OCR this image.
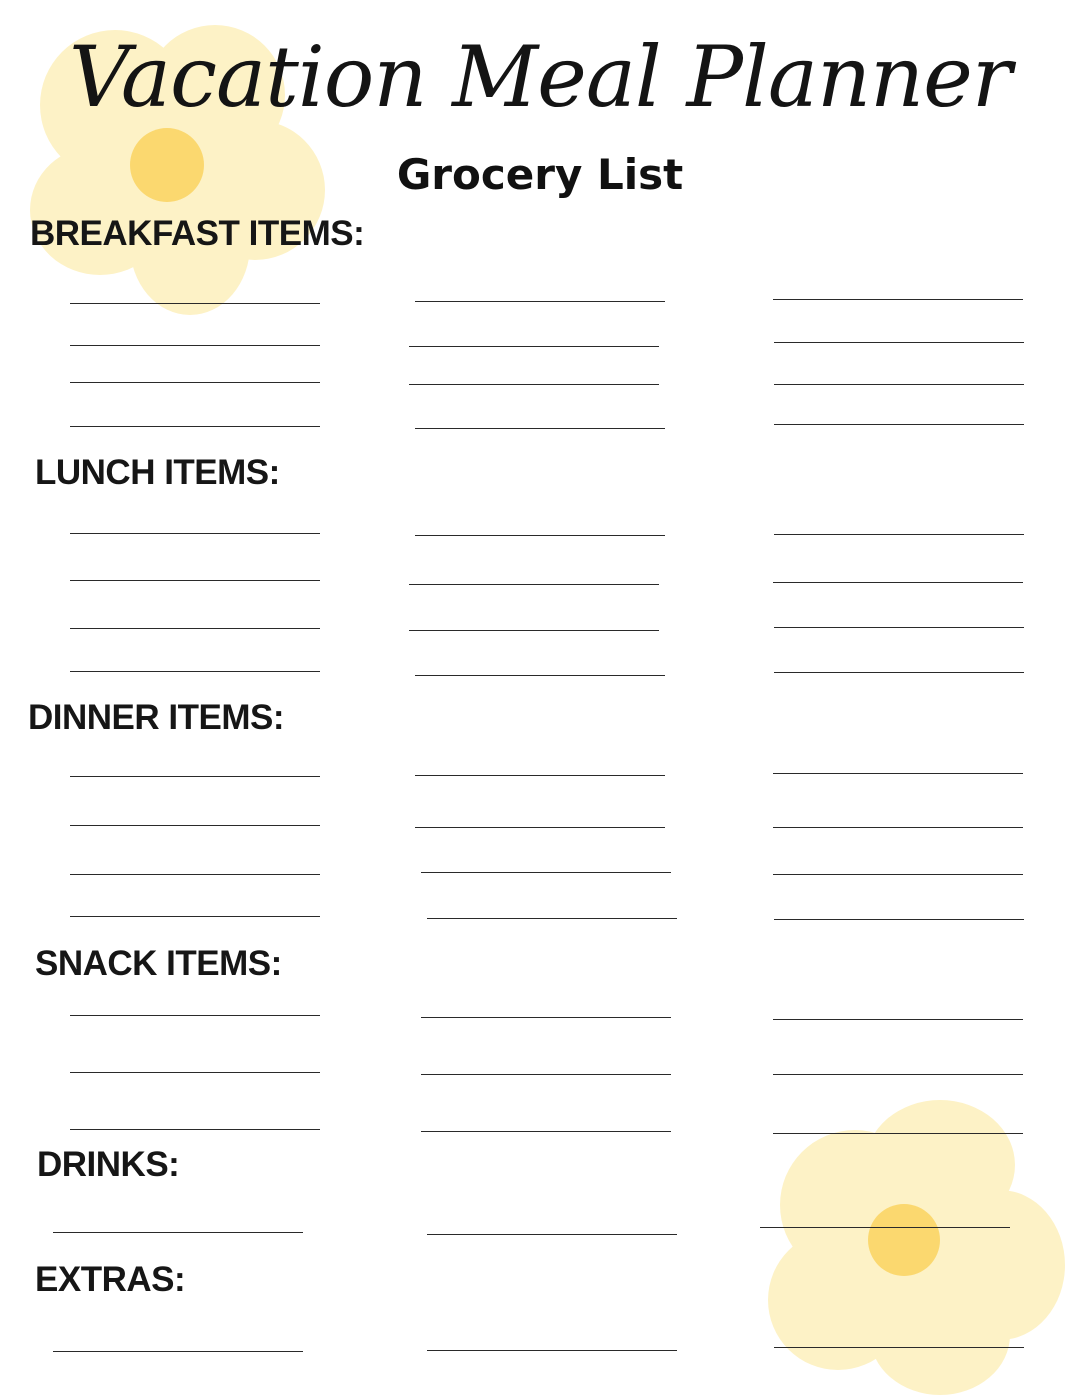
Vacation Meal Planner
Grocery List
BREAKFAST ITEMS:
LUNCH ITEMS:
DINNER ITEMS:
SNACK ITEMS:
DRINKS:
EXTRAS:
